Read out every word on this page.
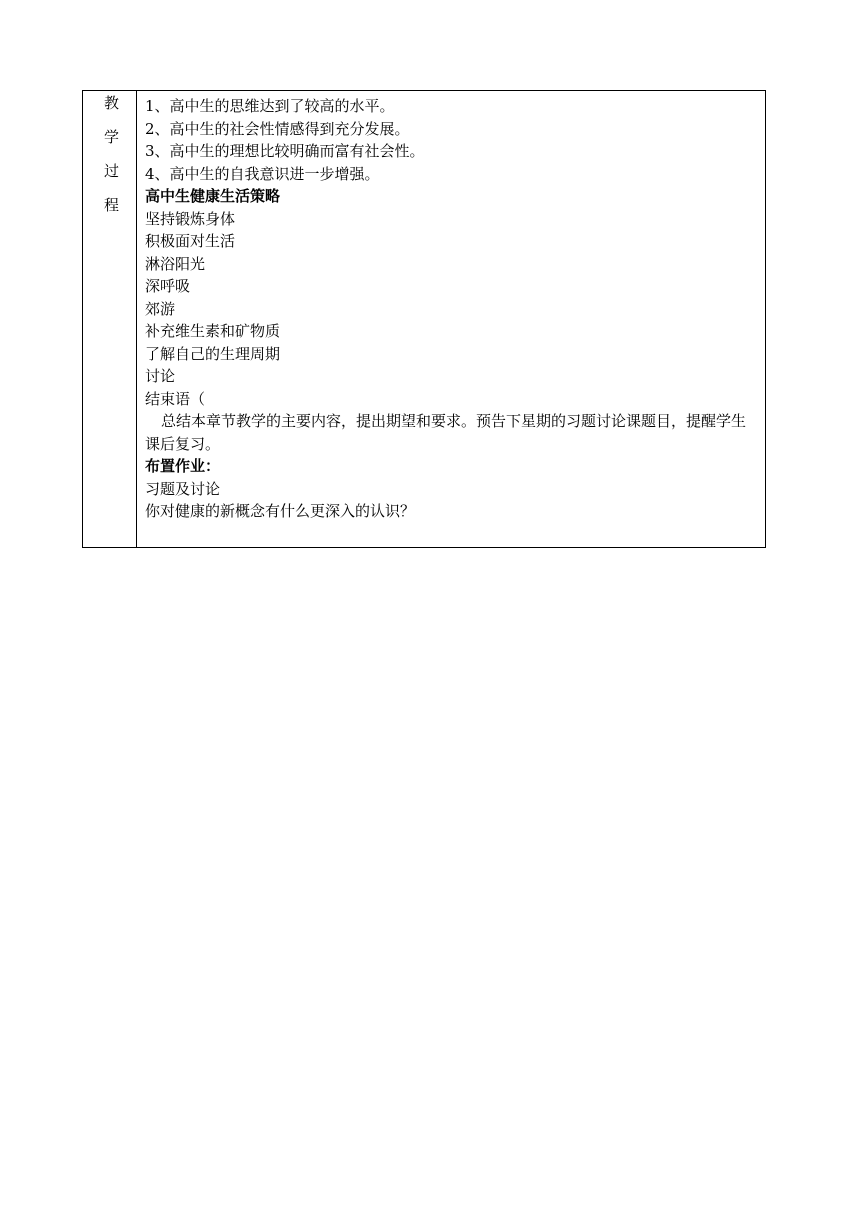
教
学
过
程
1、高中生的思维达到了较高的水平。
2、高中生的社会性情感得到充分发展。
3、高中生的理想比较明确而富有社会性。
4、高中生的自我意识进一步增强。
高中生健康生活策略
坚持锻炼身体
积极面对生活
淋浴阳光
深呼吸
郊游
补充维生素和矿物质
了解自己的生理周期
讨论
结束语（
总结本章节教学的主要内容，提出期望和要求。预告下星期的习题讨论课题目，提醒学生课后复习。
布置作业：
习题及讨论
你对健康的新概念有什么更深入的认识？
